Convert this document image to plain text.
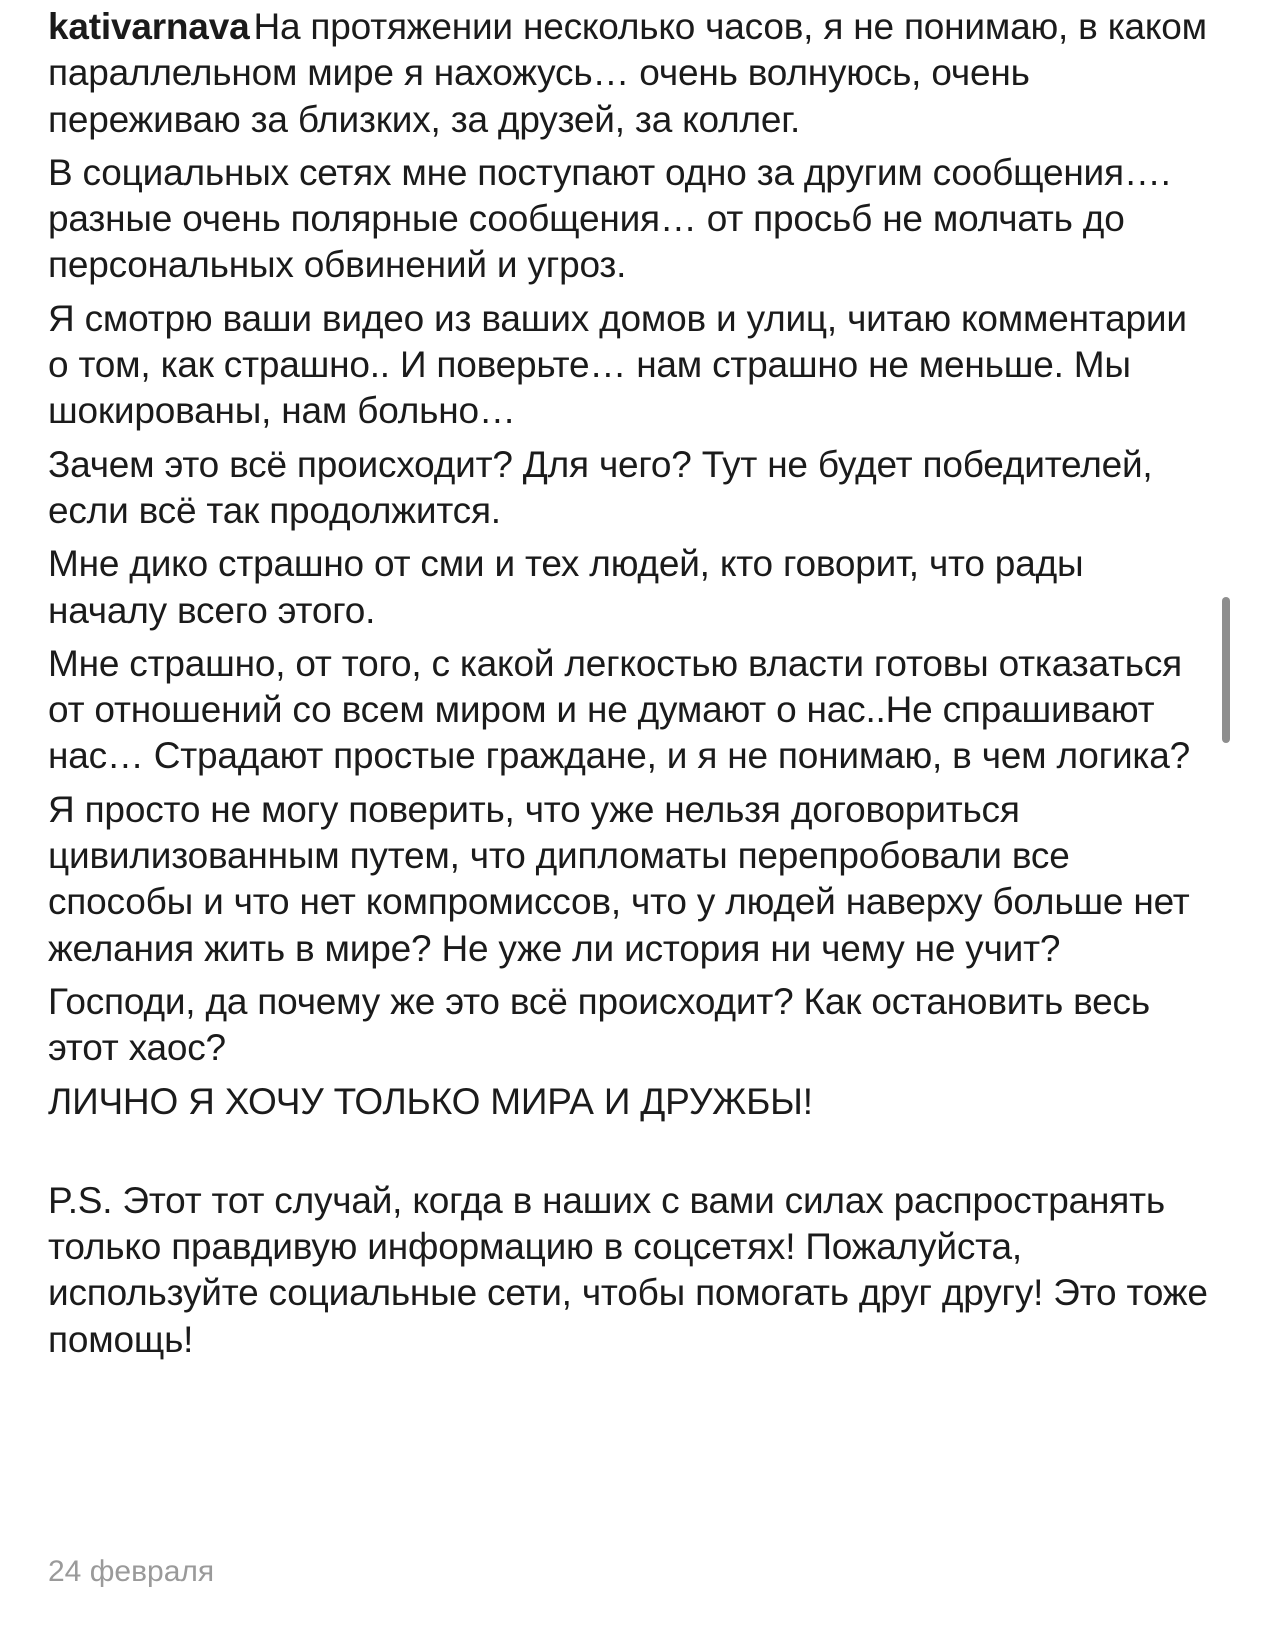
kativarnava На протяжении несколько часов, я не понимаю, в каком параллельном мире я нахожусь… очень волнуюсь, очень переживаю за близких, за друзей, за коллег.

В социальных сетях мне поступают одно за другим сообщения…. разные очень полярные сообщения… от просьб не молчать до персональных обвинений и угроз.

Я смотрю ваши видео из ваших домов и улиц, читаю комментарии о том, как страшно.. И поверьте… нам страшно не меньше. Мы шокированы, нам больно…

Зачем это всё происходит? Для чего? Тут не будет победителей, если всё так продолжится.

Мне дико страшно от сми и тех людей, кто говорит, что рады началу всего этого.

Мне страшно, от того, с какой легкостью власти готовы отказаться от отношений со всем миром и не думают о нас..Не спрашивают нас… Страдают простые граждане, и я не понимаю, в чем логика?

Я просто не могу поверить, что уже нельзя договориться цивилизованным путем, что дипломаты перепробовали все способы и что нет компромиссов, что у людей наверху больше нет желания жить в мире? Не уже ли история ни чему не учит?

Господи, да почему же это всё происходит? Как остановить весь этот хаос?

ЛИЧНО Я ХОЧУ ТОЛЬКО МИРА И ДРУЖБЫ!

P.S. Этот тот случай, когда в наших с вами силах распространять только правдивую информацию в соцсетях! Пожалуйста, используйте социальные сети, чтобы помогать друг другу! Это тоже помощь!

24 февраля
